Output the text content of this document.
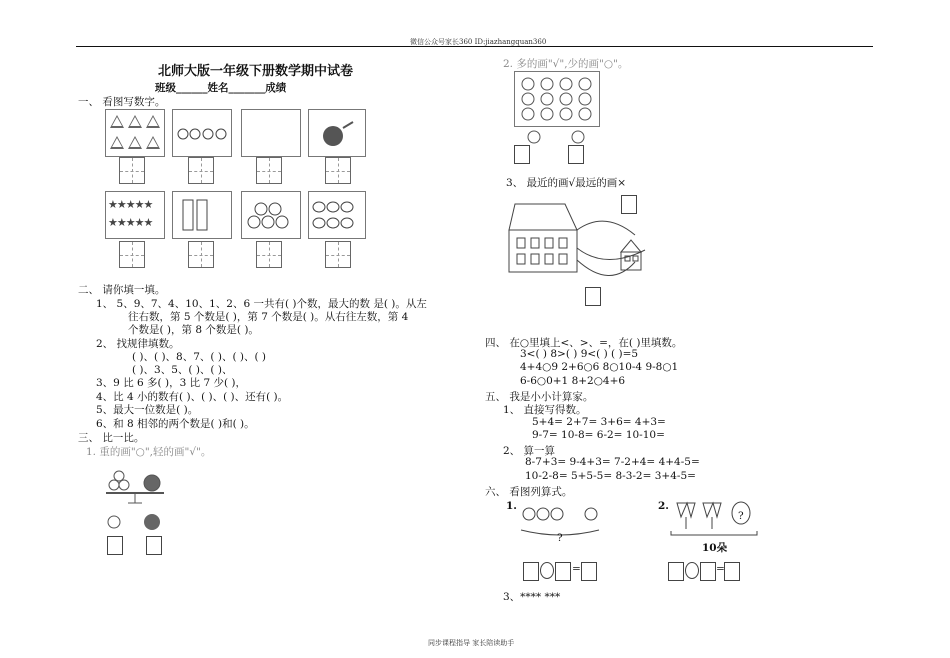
微信公众号家长360 ID:jiazhangquan360
同步课程指导 家长陪读助手
北师大版一年级下册数学期中试卷
班级______姓名_______成绩
一、 看图写数字。
★★★★★
★★★★★
二、 请你填一填。
1、 5、9、7、4、10、1、2、6 一共有( )个数，最大的数 是( )。从左
往右数，第 5 个数是( )，第 7 个数是( )。从右往左数，第 4
个数是( )，第 8 个数是( )。
2、 找规律填数。
( )、( )、8、7、( )、( )、( )
( )、3、5、( )、( )、
3、9 比 6 多( )，3 比 7 少( )，
4、比 4 小的数有( )、( )、( )、还有( )。
5、最大一位数是( )。
6、和 8 相邻的两个数是( )和( )。
三、 比一比。
1. 重的画"○",轻的画"√"。
2. 多的画"√",少的画"○"。
3、 最近的画√最远的画×
四、 在○里填上<、>、=，在( )里填数。
3<( ) 8>( ) 9<( ) ( )=5
4+4○9 2+6○6 8○10-4 9-8○1
6-6○0+1 8+2○4+6
五、 我是小小计算家。
1、 直接写得数。
5+4= 2+7= 3+6= 4+3=
9-7= 10-8= 6-2= 10-10=
2、 算一算
8-7+3= 9-4+3= 7-2+4= 4+4-5=
10-2-8= 5+5-5= 8-3-2= 3+4-5=
六、 看图列算式。
1.
?
=
2.
?
10朵
=
3、**** ***
